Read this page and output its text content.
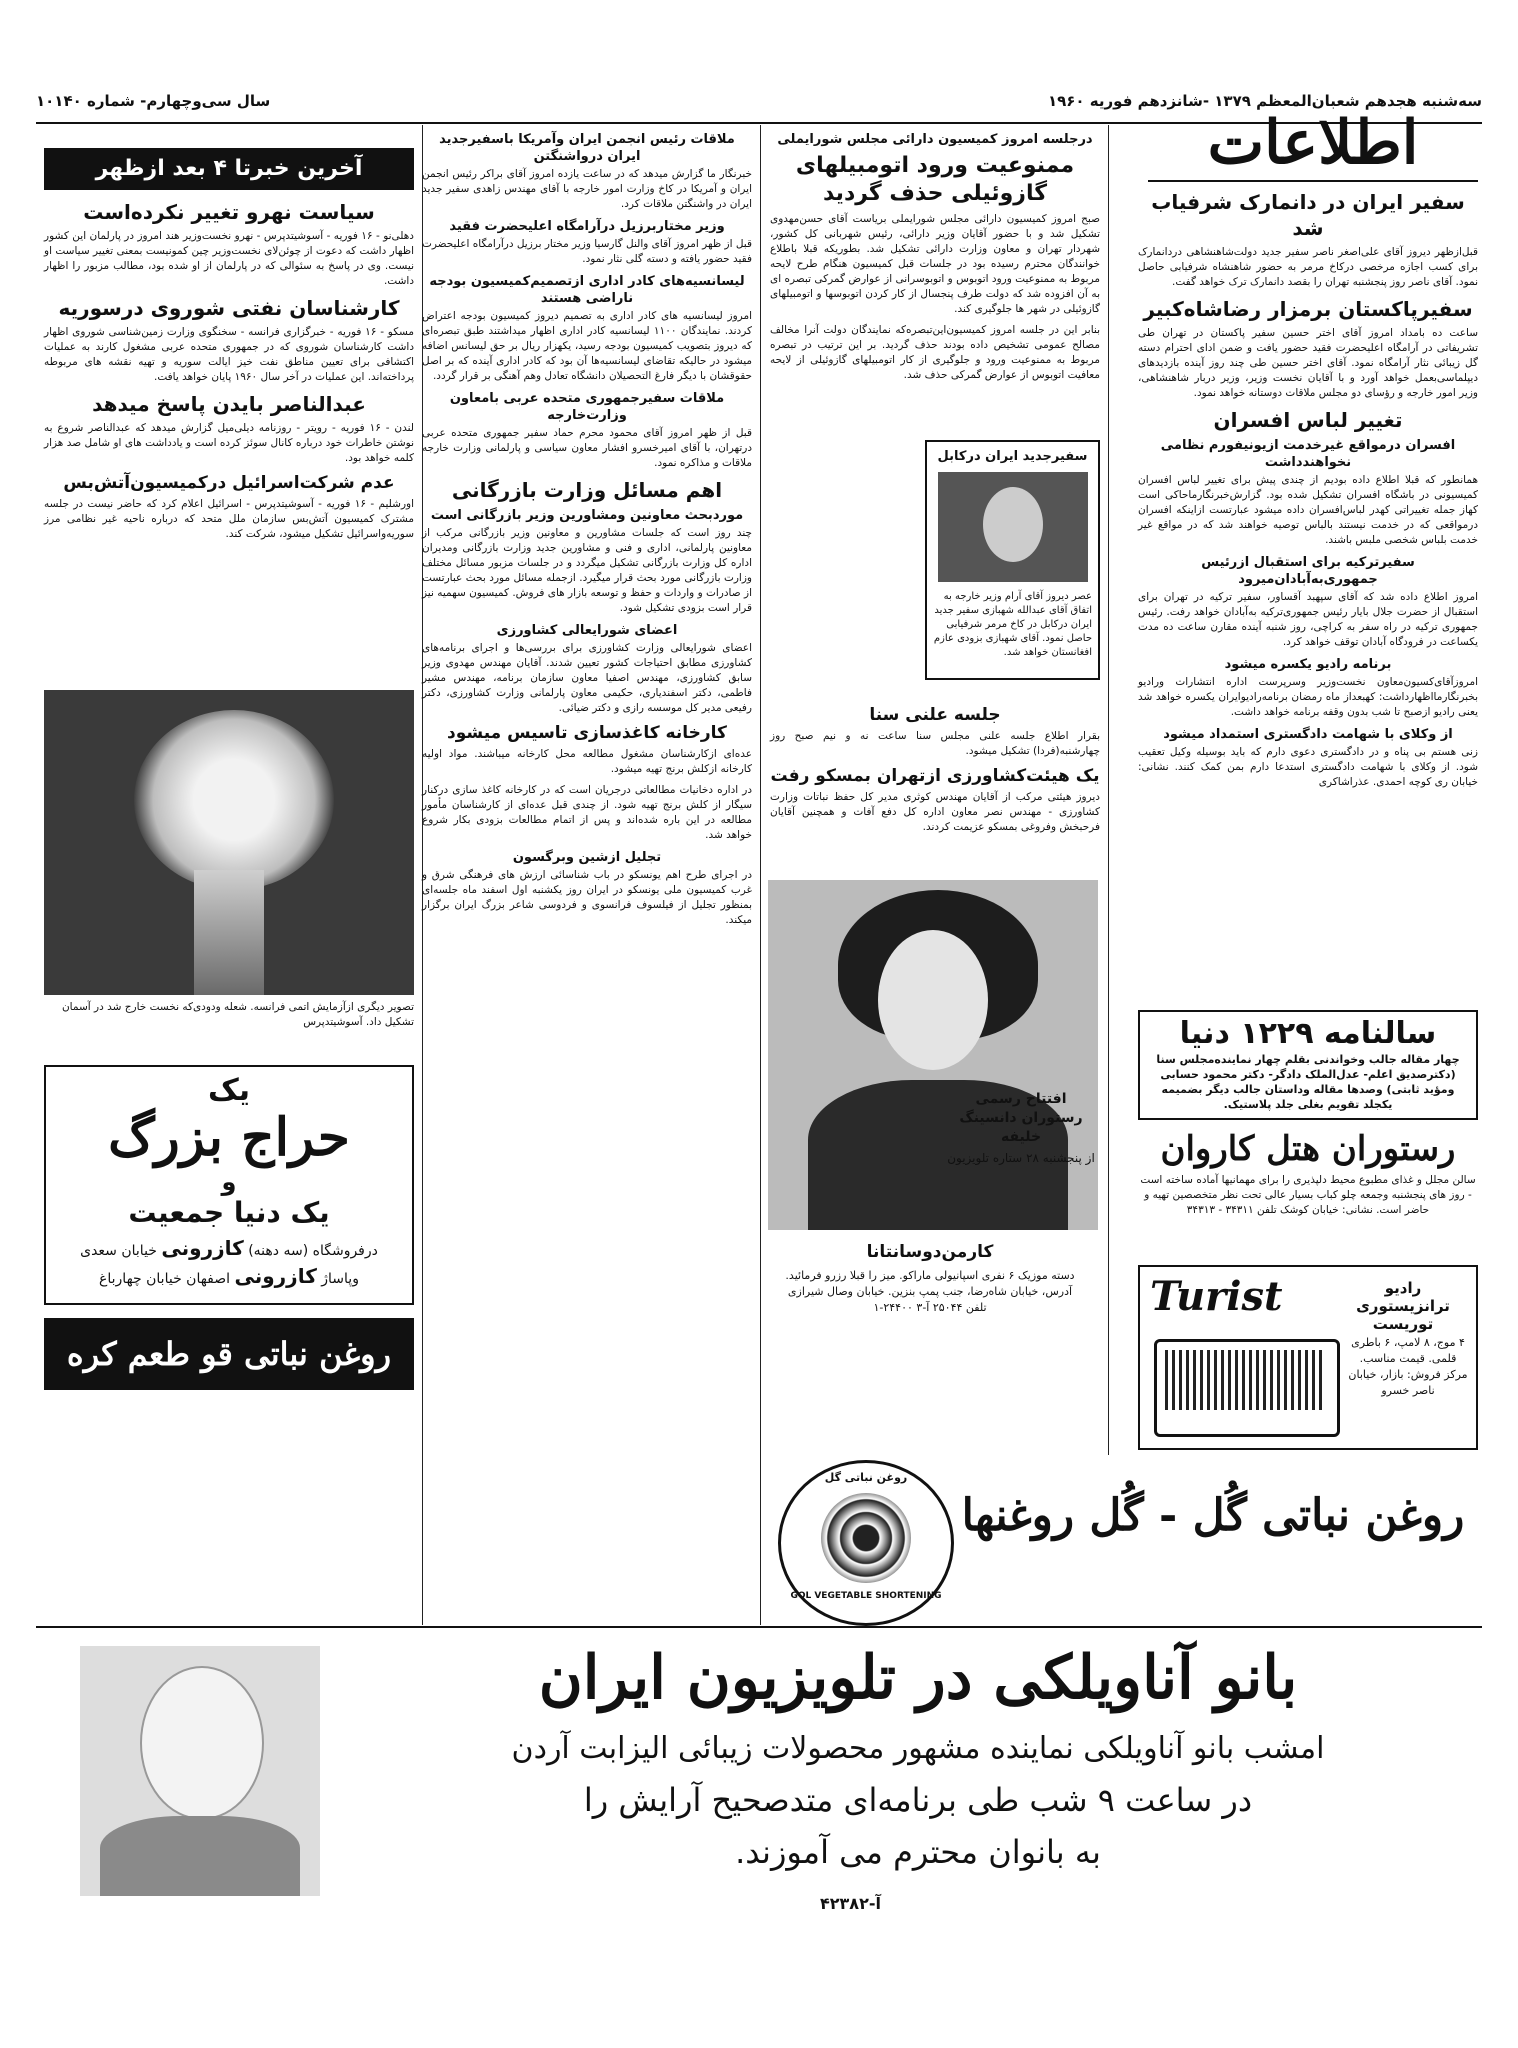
سه‌شنبه هجدهم شعبان‌المعظم ۱۳۷۹ -شانزدهم فوریه ۱۹۶۰
سال سی‌وچهارم- شماره ۱۰۱۴۰
اطلاعات
سفیر ایران در دانمارک شرفیاب شد
قبل‌ازظهر دیروز آقای علی‌اصغر ناصر سفیر جدید دولت‌شاهنشاهی دردانمارک برای کسب اجازه مرخصی درکاخ مرمر به حضور شاهنشاه شرفیابی حاصل نمود. آقای ناصر روز پنجشنبه تهران را بقصد دانمارک ترک خواهد گفت.
سفیرپاکستان برمزار رضاشاه‌کبیر
ساعت ده بامداد امروز آقای اختر حسین سفیر پاکستان در تهران طی تشریفاتی در آرامگاه اعلیحضرت فقید حضور یافت و ضمن ادای احترام دسته گل زیبائی نثار آرامگاه نمود. آقای اختر حسین طی چند روز آینده بازدیدهای دیپلماسی‌بعمل خواهد آورد و با آقایان نخست وزیر، وزیر دربار شاهنشاهی، وزیر امور خارجه و رؤسای دو مجلس ملاقات دوستانه خواهد نمود.
تغییر لباس افسران
افسران درمواقع غیرخدمت ازیونیفورم نظامی نخواهندداشت
همانطور که قبلا اطلاع داده بودیم از چندی پیش برای تغییر لباس افسران کمیسیونی در باشگاه افسران تشکیل شده بود. گزارش‌خبرنگارماحاکی است کهاز جمله تغییراتی کهدر لباس‌افسران داده میشود عبارتست ازاینکه افسران درمواقعی که در خدمت نیستند بالباس توصیه خواهند شد که در مواقع غیر خدمت بلباس شخصی ملبس باشند.
سفیرترکیه برای استقبال ازرئیس جمهوری‌به‌آبادان‌میرود
امروز اطلاع داده شد که آقای سپهبد آقساور، سفیر ترکیه در تهران برای استقبال از حضرت جلال بایار رئیس جمهوری‌ترکیه به‌آبادان خواهد رفت. رئیس جمهوری ترکیه در راه سفر به کراچی، روز شنبه آینده مقارن ساعت ده مدت یکساعت در فرودگاه آبادان توقف خواهد کرد.
برنامه رادیو یکسره میشود
امروزآقای‌کسیون‌معاون نخست‌وزیر وسرپرست اداره انتشارات ورادیو بخبرنگارمااظهارداشت: کهبعداز ماه رمضان برنامه‌رادیو‌ایران یکسره خواهد شد یعنی رادیو ازصبح تا شب بدون وقفه برنامه خواهد داشت.
از وکلای با شهامت دادگستری استمداد میشود
زنی هستم بی پناه و در دادگستری دعوی دارم که باید بوسیله وکیل تعقیب شود. از وکلای با شهامت دادگستری استدعا دارم بمن کمک کنند. نشانی: خیابان ری کوچه احمدی. عذراشاکری
سالنامه ۱۲۲۹ دنیا
چهار مقاله جالب وخواندنی بقلم چهار نماینده‌مجلس سنا (دکترصدیق اعلم- عدل‌الملک دادگر- دکتر محمود حسابی ومؤید ثابتی) وصدها مقاله وداستان جالب دیگر بضمیمه یکجلد تقویم بغلی جلد پلاستیک.
رستوران هتل کاروان
سالن مجلل و غذای مطبوع محیط دلپذیری را برای مهمانیها آماده ساخته است - روز های پنجشنبه وجمعه چلو کباب بسیار عالی تحت نظر متخصصین تهیه و حاضر است. نشانی: خیابان کوشک تلفن ۳۴۳۱۱ - ۳۴۳۱۳
Turist	رادیو ترانزیستوری توریست
۴ موج، ۸ لامپ، ۶ باطری قلمی. قیمت مناسب. مرکز فروش: بازار، خیابان ناصر خسرو
درجلسه امروز کمیسیون دارائی مجلس شورایملی
ممنوعیت ورود اتومبیلهای گازوئیلی حذف گردید
صبح امروز کمیسیون دارائی مجلس شورایملی بریاست آقای حسن‌مهدوی تشکیل شد و با حضور آقایان وزیر دارائی، رئیس شهربانی کل کشور، شهردار تهران و معاون وزارت دارائی تشکیل شد. بطوریکه قبلا باطلاع خوانندگان محترم رسیده بود در جلسات قبل کمیسیون هنگام طرح لایحه مربوط به ممنوعیت ورود اتوبوس و اتوبوسرانی از عوارض گمرکی تبصره ای به آن افزوده شد که دولت طرف پنجسال از کار کردن اتوبوسها و اتومبیلهای گازوئیلی در شهر ها جلوگیری کند.
بنابر این در جلسه امروز کمیسیون‌این‌تبصره‌که نمایندگان دولت آنرا مخالف مصالح عمومی تشخیص داده بودند حذف گردید. بر این ترتیب در تبصره مربوط به ممنوعیت ورود و جلوگیری از کار اتومبیلهای گازوئیلی از لایحه معافیت اتوبوس از عوارض گمرکی حذف شد.
سفیرجدید ایران درکابل
عصر دیروز آقای آرام وزیر خارجه به اتفاق آقای عبدالله شهبازی سفیر جدید ایران درکابل در کاخ مرمر شرفیابی حاصل نمود. آقای شهبازی بزودی عازم افغانستان خواهد شد.
جلسه علنی سنا
بقرار اطلاع جلسه علنی مجلس سنا ساعت نه و نیم صبح روز چهارشنبه(فردا) تشکیل میشود.
یک هیئت‌کشاورزی ازتهران بمسکو رفت
دیروز هیئتی مرکب از آقایان مهندس کوثری مدیر کل حفظ نباتات وزارت کشاورزی - مهندس نصر معاون اداره کل دفع آفات و همچنین آقایان فرحبخش وفروغی بمسکو عزیمت کردند.
افتتاح رسمی رستوران دانسینگ خلیفه
از پنجشنبه ۲۸ ستاره تلویزیون
کارمن‌دوسانتانا
دسته موزیک ۶ نفری اسپانیولی ماراکو. میز را قبلا رزرو فرمائید. آدرس، خیابان شاه‌رضا، جنب پمپ بنزین. خیابان وصال شیرازی تلفن ۲۵۰۴۴ آ-۳ ۲۴۴۰۰-۱
GOL VEGETABLE SHORTENING
روغن نباتی گل
روغن نباتی گُل - گُل روغنها
ملاقات رئیس انجمن ایران وآمریکا باسفیرجدید ایران درواشنگتن
خبرنگار ما گزارش میدهد که در ساعت یازده امروز آقای براکر رئیس انجمن ایران و آمریکا در کاخ وزارت امور خارجه با آقای مهندس زاهدی سفیر جدید ایران در واشنگتن ملاقات کرد.
وزیر مختاربرزیل درآرامگاه اعلیحضرت فقید
قبل از ظهر امروز آقای والنل گارسیا وزیر مختار برزیل درآرامگاه اعلیحضرت فقید حضور یافته و دسته گلی نثار نمود.
لیسانسیه‌های کادر اداری ازتصمیم‌کمیسیون بودجه ناراضی هستند
امروز لیسانسیه های کادر اداری به تصمیم دیروز کمیسیون بودجه اعتراض کردند. نمایندگان ۱۱۰۰ لیسانسیه کادر اداری اظهار میداشتند طبق تبصره‌ای که دیروز بتصویب کمیسیون بودجه رسید، یکهزار ریال بر حق لیسانس اضافه میشود در حالیکه تقاضای لیسانسیه‌ها آن بود که کادر اداری آینده که بر اصل حقوقشان با دیگر فارغ التحصیلان دانشگاه تعادل وهم آهنگی بر قرار گردد.
ملاقات سفیرجمهوری متحده عربی بامعاون وزارت‌خارجه
قبل از ظهر امروز آقای محمود محرم حماد سفیر جمهوری متحده عربی درتهران، با آقای امیرخسرو افشار معاون سیاسی و پارلمانی وزارت خارجه ملاقات و مذاکره نمود.
اهم مسائل وزارت بازرگانی
موردبحث معاونین ومشاورین وزیر بازرگانی است
چند روز است که جلسات مشاورین و معاونین وزیر بازرگانی مرکب از معاونین پارلمانی، اداری و فنی و مشاورین جدید وزارت بازرگانی ومدیران اداره کل وزارت بازرگانی تشکیل میگردد و در جلسات مزبور مسائل مختلف وزارت بازرگانی مورد بحث قرار میگیرد. ازجمله مسائل مورد بحث عبارتست از صادرات و واردات و حفظ و توسعه بازار های فروش. کمیسیون سهمیه نیز قرار است بزودی تشکیل شود.
اعضای شورایعالی کشاورزی
اعضای شورایعالی وزارت کشاورزی برای بررسی‌ها و اجرای برنامه‌های کشاورزی مطابق احتیاجات کشور تعیین شدند. آقایان مهندس مهدوی وزیر سابق کشاورزی، مهندس اصفیا معاون سازمان برنامه، مهندس مشیر فاطمی، دکتر اسفندیاری، حکیمی معاون پارلمانی وزارت کشاورزی، دکتر رفیعی مدیر کل موسسه رازی و دکتر ضیائی.
کارخانه کاغذسازی تاسیس میشود
عده‌ای ازکارشناسان مشغول مطالعه محل کارخانه میباشند. مواد اولیه کارخانه ازکلش برنج تهیه میشود.
در اداره دخانیات مطالعاتی درجریان است که در کارخانه کاغذ سازی درکنار سیگار از کلش برنج تهیه شود. از چندی قبل عده‌ای از کارشناسان مأمور مطالعه در این باره شده‌اند و پس از اتمام مطالعات بزودی بکار شروع خواهد شد.
تجلیل ازشین وبرگسون
در اجرای طرح اهم یونسکو در باب شناسائی ارزش های فرهنگی شرق و غرب کمیسیون ملی یونسکو در ایران روز یکشنبه اول اسفند ماه جلسه‌ای بمنظور تجلیل از فیلسوف فرانسوی و فردوسی شاعر بزرگ ایران برگزار میکند.
آخرین خبرتا ۴ بعد ازظهر
سیاست نهرو تغییر نکرده‌است
دهلی‌نو - ۱۶ فوریه - آسوشیتدپرس - نهرو نخست‌وزیر هند امروز در پارلمان این کشور اظهار داشت که دعوت از چوئن‌لای نخست‌وزیر چین کمونیست بمعنی تغییر سیاست او نیست. وی در پاسخ به سئوالی که در پارلمان از او شده بود، مطالب مزبور را اظهار داشت.
کارشناسان نفتی شوروی درسوریه
مسکو - ۱۶ فوریه - خبرگزاری فرانسه - سخنگوی وزارت زمین‌شناسی شوروی اظهار داشت کارشناسان شوروی که در جمهوری متحده عربی مشغول کارند به عملیات اکتشافی برای تعیین مناطق نفت خیز ایالت سوریه و تهیه نقشه های مربوطه پرداخته‌اند. این عملیات در آخر سال ۱۹۶۰ پایان خواهد یافت.
عبدالناصر بایدن پاسخ میدهد
لندن - ۱۶ فوریه - رویتر - روزنامه دیلی‌میل گزارش میدهد که عبدالناصر شروع به نوشتن خاطرات خود درباره کانال سوئز کرده است و یادداشت های او شامل صد هزار کلمه خواهد بود.
عدم شرکت‌اسرائیل درکمیسیون‌آتش‌بس
اورشلیم - ۱۶ فوریه - آسوشیتدپرس - اسرائیل اعلام کرد که حاضر نیست در جلسه مشترک کمیسیون آتش‌بس سازمان ملل متحد که درباره ناحیه غیر نظامی مرز سوریه‌واسرائیل تشکیل میشود، شرکت کند.
تصویر دیگری ازآزمایش اتمی فرانسه. شعله ودودی‌که نخست خارج شد در آسمان تشکیل داد. آسوشیتدپرس
یک
حراج بزرگ
و
یک دنیا جمعیت
درفروشگاه (سه دهنه) کازرونی خیابان سعدی
وپاساژ کازرونی اصفهان خیابان چهارباغ
روغن نباتی قو طعم کره دارد
بانو آناویلکی در تلویزیون ایران
امشب بانو آناویلکی نماینده مشهور محصولات زیبائی الیزابت آردن
در ساعت ۹ شب طی برنامه‌ای متدصحیح آرایش را
به بانوان محترم می آموزند.
آ-۴۲۳۸۲
